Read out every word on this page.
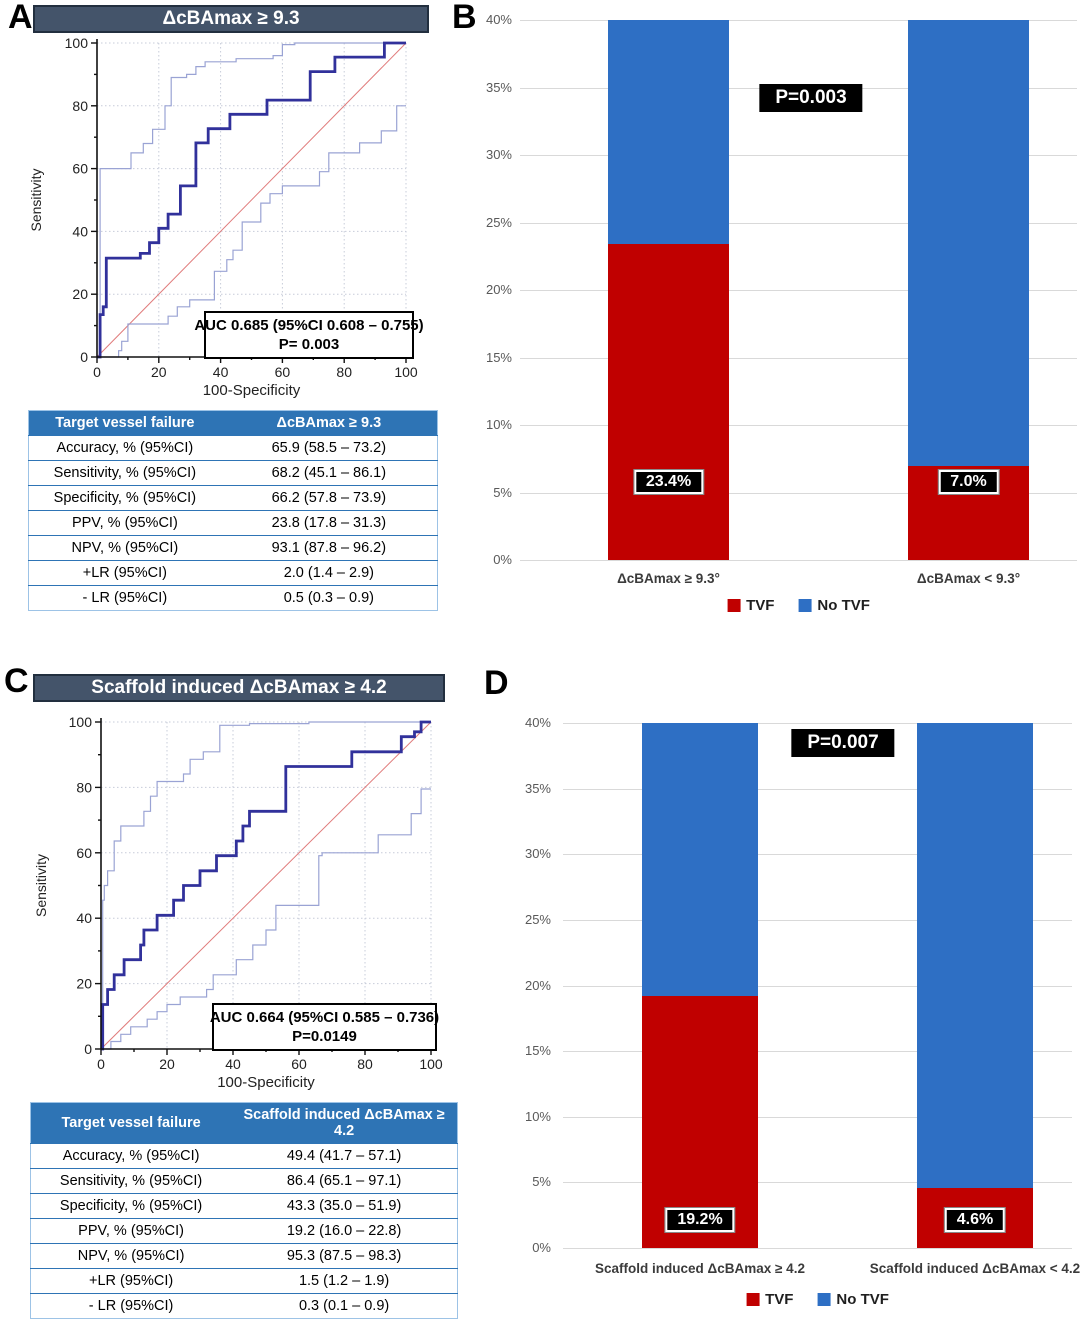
A	ΔcBAmax ≥ 9.3
0	20	40	60	80	100
0
20
40
60
80
100
100-Specificity
Sensitivity
AUC 0.685 (95%CI 0.608 – 0.755)
P= 0.003
Target vessel failure	ΔcBAmax ≥ 9.3
Accuracy, % (95%CI)	65.9 (58.5 – 73.2)
Sensitivity, % (95%CI)	68.2 (45.1 – 86.1)
Specificity, % (95%CI)	66.2 (57.8 – 73.9)
PPV, % (95%CI)	23.8 (17.8 – 31.3)
NPV, % (95%CI)	93.1 (87.8 – 96.2)
+LR (95%CI)	2.0 (1.4 – 2.9)
- LR (95%CI)	0.5 (0.3 – 0.9)
B
0%
5%
10%
15%
20%
25%
30%
35%
40%
23.4%
ΔcBAmax ≥ 9.3°
7.0%
ΔcBAmax < 9.3°
P=0.003
TVF	No TVF
C	Scaffold induced ΔcBAmax ≥ 4.2
0	20	40	60	80	100
0
20
40
60
80
100
100-Specificity
Sensitivity
AUC 0.664 (95%CI 0.585 – 0.736)
P=0.0149
Target vessel failure	Scaffold induced ΔcBAmax ≥ 4.2
Accuracy, % (95%CI)	49.4 (41.7 – 57.1)
Sensitivity, % (95%CI)	86.4 (65.1 – 97.1)
Specificity, % (95%CI)	43.3 (35.0 – 51.9)
PPV, % (95%CI)	19.2 (16.0 – 22.8)
NPV, % (95%CI)	95.3 (87.5 – 98.3)
+LR (95%CI)	1.5 (1.2 – 1.9)
- LR (95%CI)	0.3 (0.1 – 0.9)
D
0%
5%
10%
15%
20%
25%
30%
35%
40%
19.2%
Scaffold induced ΔcBAmax ≥ 4.2
4.6%
Scaffold induced ΔcBAmax < 4.2
P=0.007
TVF	No TVF
